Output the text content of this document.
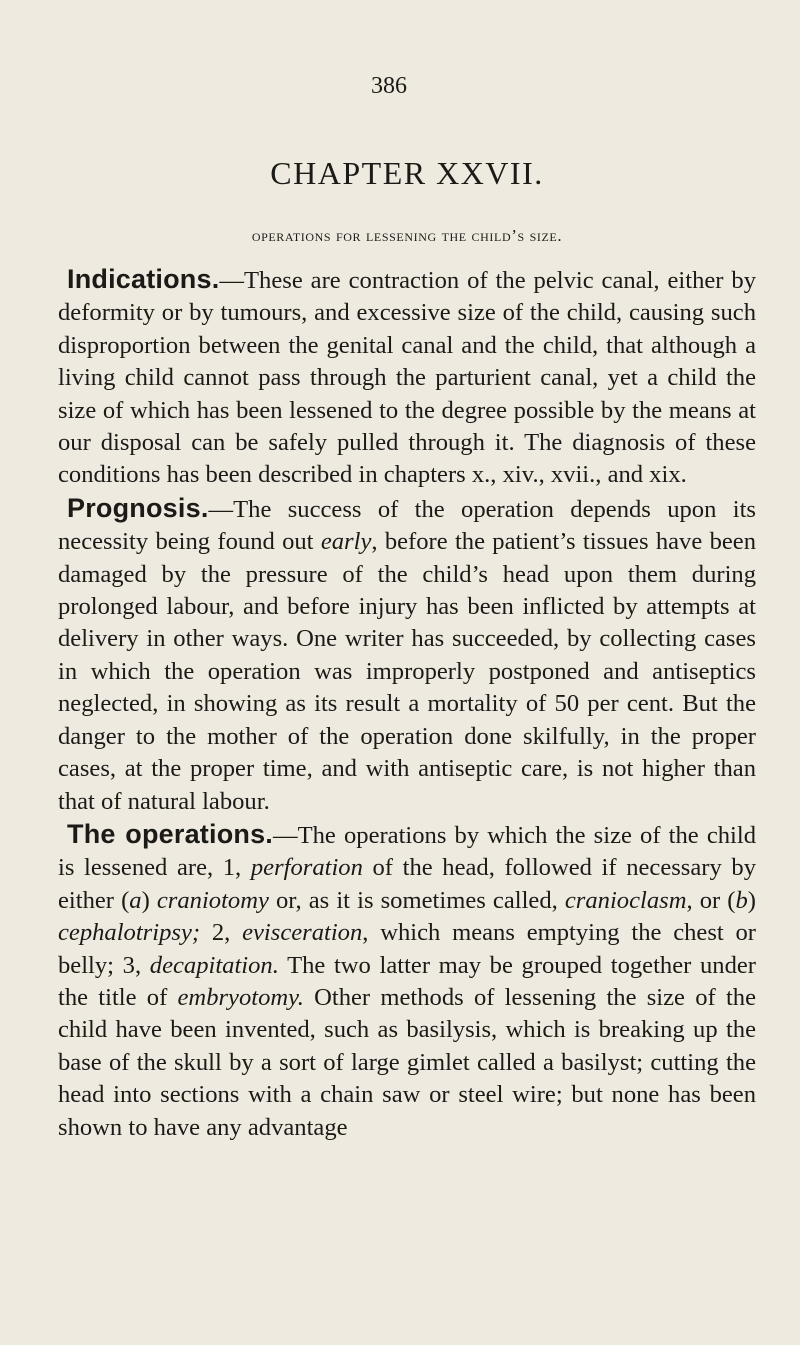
386
CHAPTER XXVII.
operations for lessening the child’s size.

Indications.—These are contraction of the pelvic canal, either by deformity or by tumours, and excessive size of the child, causing such disproportion between the genital canal and the child, that although a living child cannot pass through the parturient canal, yet a child the size of which has been lessened to the degree possible by the means at our disposal can be safely pulled through it. The diagnosis of these conditions has been described in chapters x., xiv., xvii., and xix.

Prognosis.—The success of the operation depends upon its necessity being found out early, before the patient’s tissues have been damaged by the pressure of the child’s head upon them during prolonged labour, and before injury has been inflicted by attempts at delivery in other ways. One writer has succeeded, by collecting cases in which the operation was improperly postponed and antiseptics neglected, in showing as its result a mortality of 50 per cent. But the danger to the mother of the operation done skilfully, in the proper cases, at the proper time, and with antiseptic care, is not higher than that of natural labour.

The operations.—The operations by which the size of the child is lessened are, 1, perforation of the head, followed if necessary by either (a) craniotomy or, as it is sometimes called, cranioclasm, or (b) cephalotripsy; 2, evisceration, which means emptying the chest or belly; 3, decapitation. The two latter may be grouped together under the title of embryotomy. Other methods of lessening the size of the child have been invented, such as basilysis, which is breaking up the base of the skull by a sort of large gimlet called a basilyst; cutting the head into sections with a chain saw or steel wire; but none has been shown to have any advantage
